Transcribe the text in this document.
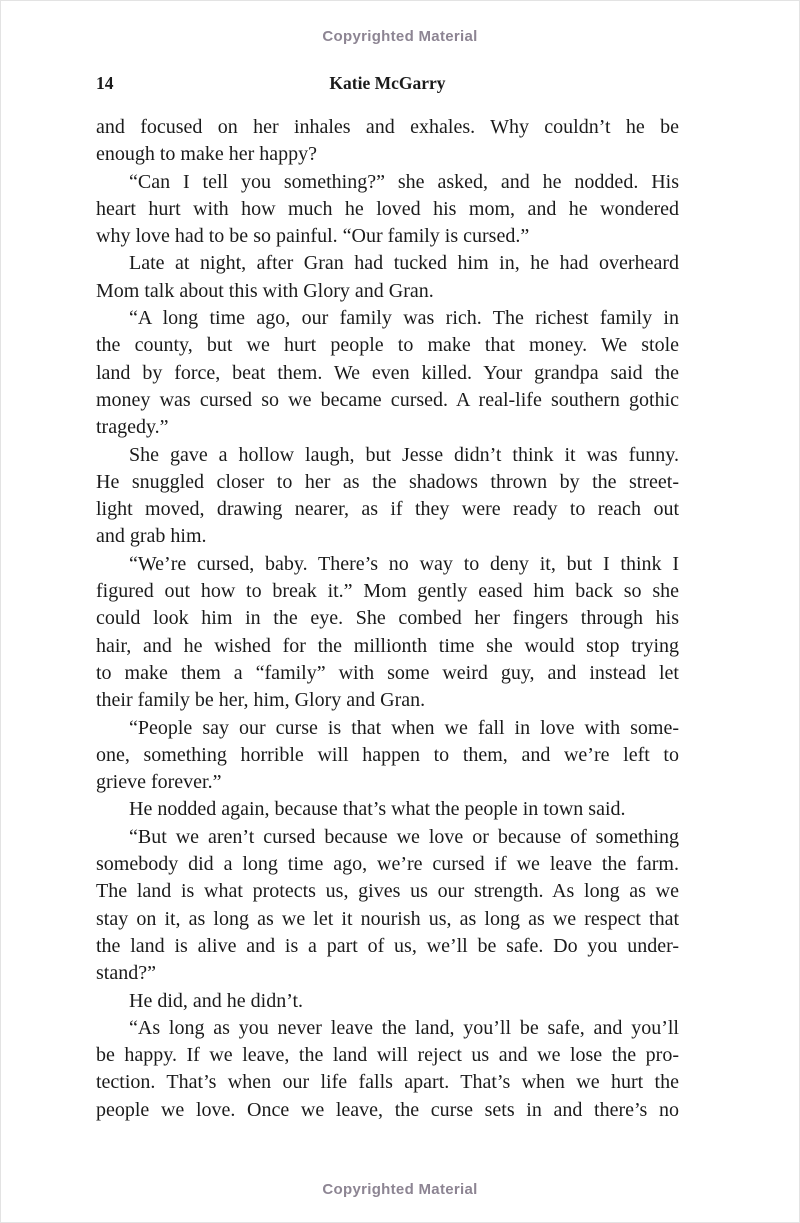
Copyrighted Material
14	Katie McGarry
and focused on her inhales and exhales. Why couldn’t he be
enough to make her happy?
“Can I tell you something?” she asked, and he nodded. His
heart hurt with how much he loved his mom, and he wondered
why love had to be so painful. “Our family is cursed.”
Late at night, after Gran had tucked him in, he had overheard
Mom talk about this with Glory and Gran.
“A long time ago, our family was rich. The richest family in
the county, but we hurt people to make that money. We stole
land by force, beat them. We even killed. Your grandpa said the
money was cursed so we became cursed. A real-life southern gothic
tragedy.”
She gave a hollow laugh, but Jesse didn’t think it was funny.
He snuggled closer to her as the shadows thrown by the street-
light moved, drawing nearer, as if they were ready to reach out
and grab him.
“We’re cursed, baby. There’s no way to deny it, but I think I
figured out how to break it.” Mom gently eased him back so she
could look him in the eye. She combed her fingers through his
hair, and he wished for the millionth time she would stop trying
to make them a “family” with some weird guy, and instead let
their family be her, him, Glory and Gran.
“People say our curse is that when we fall in love with some-
one, something horrible will happen to them, and we’re left to
grieve forever.”
He nodded again, because that’s what the people in town said.
“But we aren’t cursed because we love or because of something
somebody did a long time ago, we’re cursed if we leave the farm.
The land is what protects us, gives us our strength. As long as we
stay on it, as long as we let it nourish us, as long as we respect that
the land is alive and is a part of us, we’ll be safe. Do you under-
stand?”
He did, and he didn’t.
“As long as you never leave the land, you’ll be safe, and you’ll
be happy. If we leave, the land will reject us and we lose the pro-
tection. That’s when our life falls apart. That’s when we hurt the
people we love. Once we leave, the curse sets in and there’s no
Copyrighted Material
